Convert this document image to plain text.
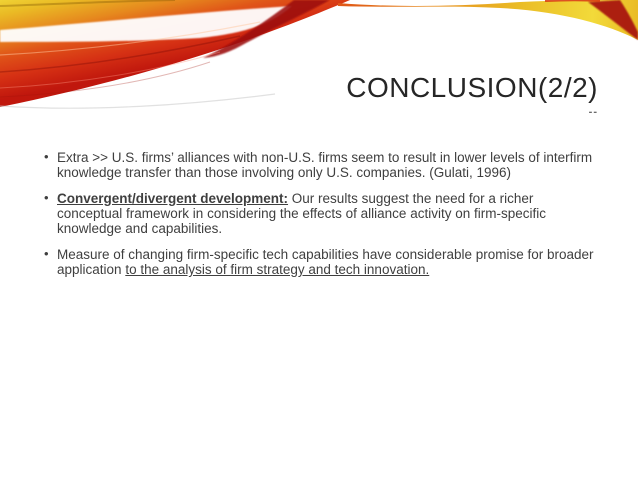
CONCLUSION(2/2)
--
• Extra >> U.S. firms’ alliances with non-U.S. firms seem to result in lower levels of interfirm knowledge transfer than those involving only U.S. companies. (Gulati, 1996)
• Convergent/divergent development: Our results suggest the need for a richer conceptual framework in considering the effects of alliance activity on firm-specific knowledge and capabilities.
• Measure of changing firm-specific tech capabilities have considerable promise for broader application to the analysis of firm strategy and tech innovation.
